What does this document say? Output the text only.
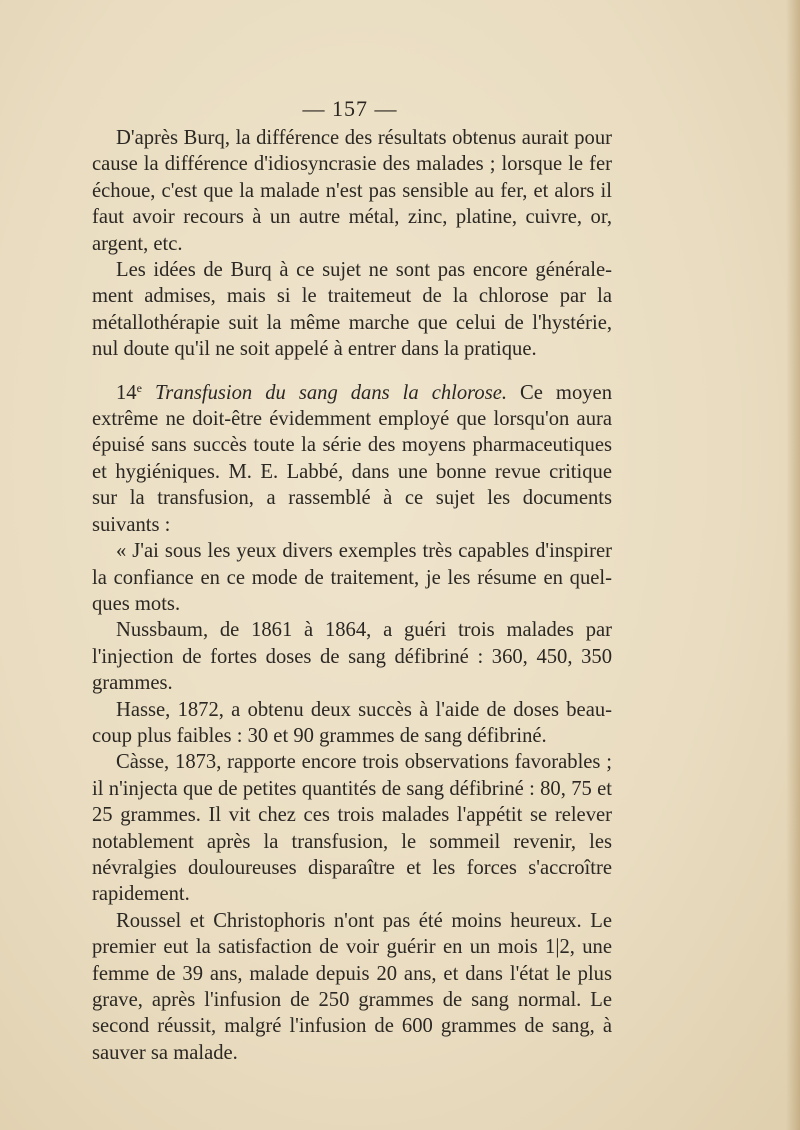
— 157 —

D'après Burq, la différence des résultats obtenus aurait pour cause la différence d'idiosyncrasie des malades ; lorsque le fer échoue, c'est que la malade n'est pas sensible au fer, et alors il faut avoir recours à un autre métal, zinc, platine, cuivre, or, argent, etc.

Les idées de Burq à ce sujet ne sont pas encore généralement admises, mais si le traitemeut de la chlorose par la métallothérapie suit la même marche que celui de l'hystérie, nul doute qu'il ne soit appelé à entrer dans la pratique.

14e Transfusion du sang dans la chlorose. Ce moyen extrême ne doit-être évidemment employé que lorsqu'on aura épuisé sans succès toute la série des moyens pharmaceutiques et hygiéniques. M. E. Labbé, dans une bonne revue critique sur la transfusion, a rassemblé à ce sujet les documents suivants :

« J'ai sous les yeux divers exemples très capables d'inspirer la confiance en ce mode de traitement, je les résume en quelques mots.

Nussbaum, de 1861 à 1864, a guéri trois malades par l'injection de fortes doses de sang défibriné : 360, 450, 350 grammes.

Hasse, 1872, a obtenu deux succès à l'aide de doses beaucoup plus faibles : 30 et 90 grammes de sang défibriné.

Càsse, 1873, rapporte encore trois observations favorables ; il n'injecta que de petites quantités de sang défibriné : 80, 75 et 25 grammes. Il vit chez ces trois malades l'appétit se relever notablement après la transfusion, le sommeil revenir, les névralgies douloureuses disparaître et les forces s'accroître rapidement.

Roussel et Christophoris n'ont pas été moins heureux. Le premier eut la satisfaction de voir guérir en un mois 1|2, une femme de 39 ans, malade depuis 20 ans, et dans l'état le plus grave, après l'infusion de 250 grammes de sang normal. Le second réussit, malgré l'infusion de 600 grammes de sang, à sauver sa malade.
